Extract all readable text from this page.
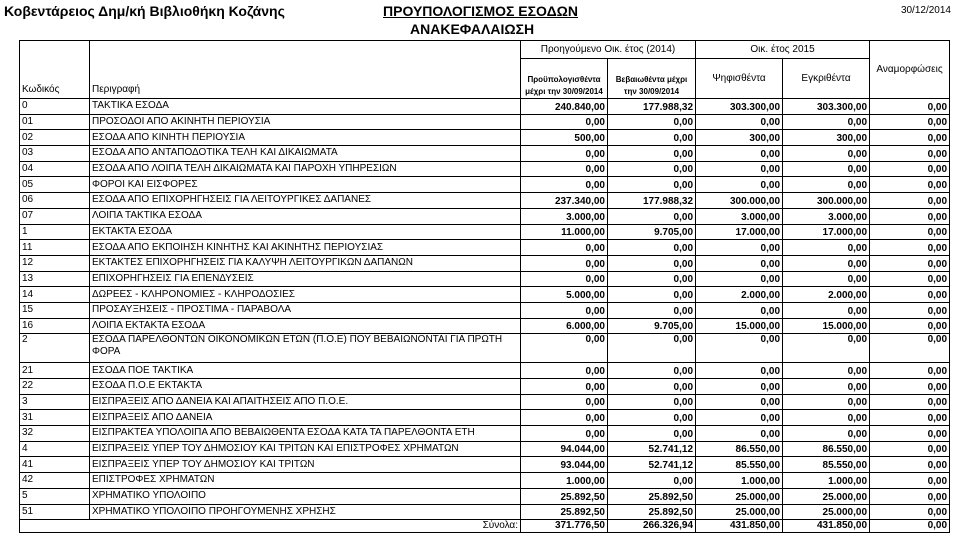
Κοβεντάρειος Δημ/κή Βιβλιοθήκη Κοζάνης	ΠΡΟΥΠΟΛΟΓΙΣΜΟΣ ΕΣΟΔΩΝ
ΑΝΑΚΕΦΑΛΑΙΩΣΗ
30/12/2014
Κωδικός	Περιγραφή	Προηγούμενο Οικ. έτος (2014)		Οικ. έτος 2015		Αναμορφώσεις
		Προϋπολογισθέντα μέχρι την 30/09/2014	Βεβαιωθέντα μέχρι την 30/09/2014	Ψηφισθέντα	Εγκριθέντα	
0	ΤΑΚΤΙΚΑ ΕΣΟΔΑ	240.840,00	177.988,32	303.300,00	303.300,00	0,00
01	ΠΡΟΣΟΔΟΙ ΑΠΟ ΑΚΙΝΗΤΗ ΠΕΡΙΟΥΣΙΑ	0,00	0,00	0,00	0,00	0,00
02	ΕΣΟΔΑ ΑΠΟ ΚΙΝΗΤΗ ΠΕΡΙΟΥΣΙΑ	500,00	0,00	300,00	300,00	0,00
03	ΕΣΟΔΑ ΑΠΟ ΑΝΤΑΠΟΔΟΤΙΚΑ ΤΕΛΗ ΚΑΙ ΔΙΚΑΙΩΜΑΤΑ	0,00	0,00	0,00	0,00	0,00
04	ΕΣΟΔΑ ΑΠΟ ΛΟΙΠΑ ΤΕΛΗ ΔΙΚΑΙΩΜΑΤΑ ΚΑΙ ΠΑΡΟΧΗ ΥΠΗΡΕΣΙΩΝ	0,00	0,00	0,00	0,00	0,00
05	ΦΟΡΟΙ ΚΑΙ ΕΙΣΦΟΡΕΣ	0,00	0,00	0,00	0,00	0,00
06	ΕΣΟΔΑ ΑΠΟ ΕΠΙΧΟΡΗΓΗΣΕΙΣ ΓΙΑ ΛΕΙΤΟΥΡΓΙΚΕΣ ΔΑΠΑΝΕΣ	237.340,00	177.988,32	300.000,00	300.000,00	0,00
07	ΛΟΙΠΑ ΤΑΚΤΙΚΑ ΕΣΟΔΑ	3.000,00	0,00	3.000,00	3.000,00	0,00
1	ΕΚΤΑΚΤΑ ΕΣΟΔΑ	11.000,00	9.705,00	17.000,00	17.000,00	0,00
11	ΕΣΟΔΑ ΑΠΟ ΕΚΠΟΙΗΣΗ ΚΙΝΗΤΗΣ ΚΑΙ ΑΚΙΝΗΤΗΣ ΠΕΡΙΟΥΣΙΑΣ	0,00	0,00	0,00	0,00	0,00
12	ΕΚΤΑΚΤΕΣ ΕΠΙΧΟΡΗΓΗΣΕΙΣ ΓΙΑ ΚΑΛΥΨΗ ΛΕΙΤΟΥΡΓΙΚΩΝ ΔΑΠΑΝΩΝ	0,00	0,00	0,00	0,00	0,00
13	ΕΠΙΧΟΡΗΓΗΣΕΙΣ ΓΙΑ ΕΠΕΝΔΥΣΕΙΣ	0,00	0,00	0,00	0,00	0,00
14	ΔΩΡΕΕΣ - ΚΛΗΡΟΝΟΜΙΕΣ - ΚΛΗΡΟΔΟΣΙΕΣ	5.000,00	0,00	2.000,00	2.000,00	0,00
15	ΠΡΟΣΑΥΞΗΣΕΙΣ - ΠΡΟΣΤΙΜΑ - ΠΑΡΑΒΟΛΑ	0,00	0,00	0,00	0,00	0,00
16	ΛΟΙΠΑ ΕΚΤΑΚΤΑ ΕΣΟΔΑ	6.000,00	9.705,00	15.000,00	15.000,00	0,00
2	ΕΣΟΔΑ ΠΑΡΕΛΘΟΝΤΩΝ ΟΙΚΟΝΟΜΙΚΩΝ ΕΤΩΝ (Π.Ο.Ε) ΠΟΥ ΒΕΒΑΙΩΝΟΝΤΑΙ ΓΙΑ ΠΡΩΤΗ ΦΟΡΑ	0,00	0,00	0,00	0,00	0,00
21	ΕΣΟΔΑ ΠΟΕ ΤΑΚΤΙΚΑ	0,00	0,00	0,00	0,00	0,00
22	ΕΣΟΔΑ Π.Ο.Ε ΕΚΤΑΚΤΑ	0,00	0,00	0,00	0,00	0,00
3	ΕΙΣΠΡΑΞΕΙΣ ΑΠΟ ΔΑΝΕΙΑ ΚΑΙ ΑΠΑΙΤΗΣΕΙΣ ΑΠΟ Π.Ο.Ε.	0,00	0,00	0,00	0,00	0,00
31	ΕΙΣΠΡΑΞΕΙΣ ΑΠΟ ΔΑΝΕΙΑ	0,00	0,00	0,00	0,00	0,00
32	ΕΙΣΠΡΑΚΤΕΑ ΥΠΟΛΟΙΠΑ ΑΠΟ ΒΕΒΑΙΩΘΕΝΤΑ ΕΣΟΔΑ ΚΑΤΑ ΤΑ ΠΑΡΕΛΘΟΝΤΑ ΕΤΗ	0,00	0,00	0,00	0,00	0,00
4	ΕΙΣΠΡΑΞΕΙΣ ΥΠΕΡ ΤΟΥ ΔΗΜΟΣΙΟΥ ΚΑΙ ΤΡΙΤΩΝ ΚΑΙ ΕΠΙΣΤΡΟΦΕΣ ΧΡΗΜΑΤΩΝ	94.044,00	52.741,12	86.550,00	86.550,00	0,00
41	ΕΙΣΠΡΑΞΕΙΣ ΥΠΕΡ ΤΟΥ ΔΗΜΟΣΙΟΥ ΚΑΙ ΤΡΙΤΩΝ	93.044,00	52.741,12	85.550,00	85.550,00	0,00
42	ΕΠΙΣΤΡΟΦΕΣ ΧΡΗΜΑΤΩΝ	1.000,00	0,00	1.000,00	1.000,00	0,00
5	ΧΡΗΜΑΤΙΚΟ ΥΠΟΛΟΙΠΟ	25.892,50	25.892,50	25.000,00	25.000,00	0,00
51	ΧΡΗΜΑΤΙΚΟ ΥΠΟΛΟΙΠΟ ΠΡΟΗΓΟΥΜΕΝΗΣ ΧΡΗΣΗΣ	25.892,50	25.892,50	25.000,00	25.000,00	0,00
Σύνολα:		371.776,50	266.326,94	431.850,00	431.850,00	0,00
